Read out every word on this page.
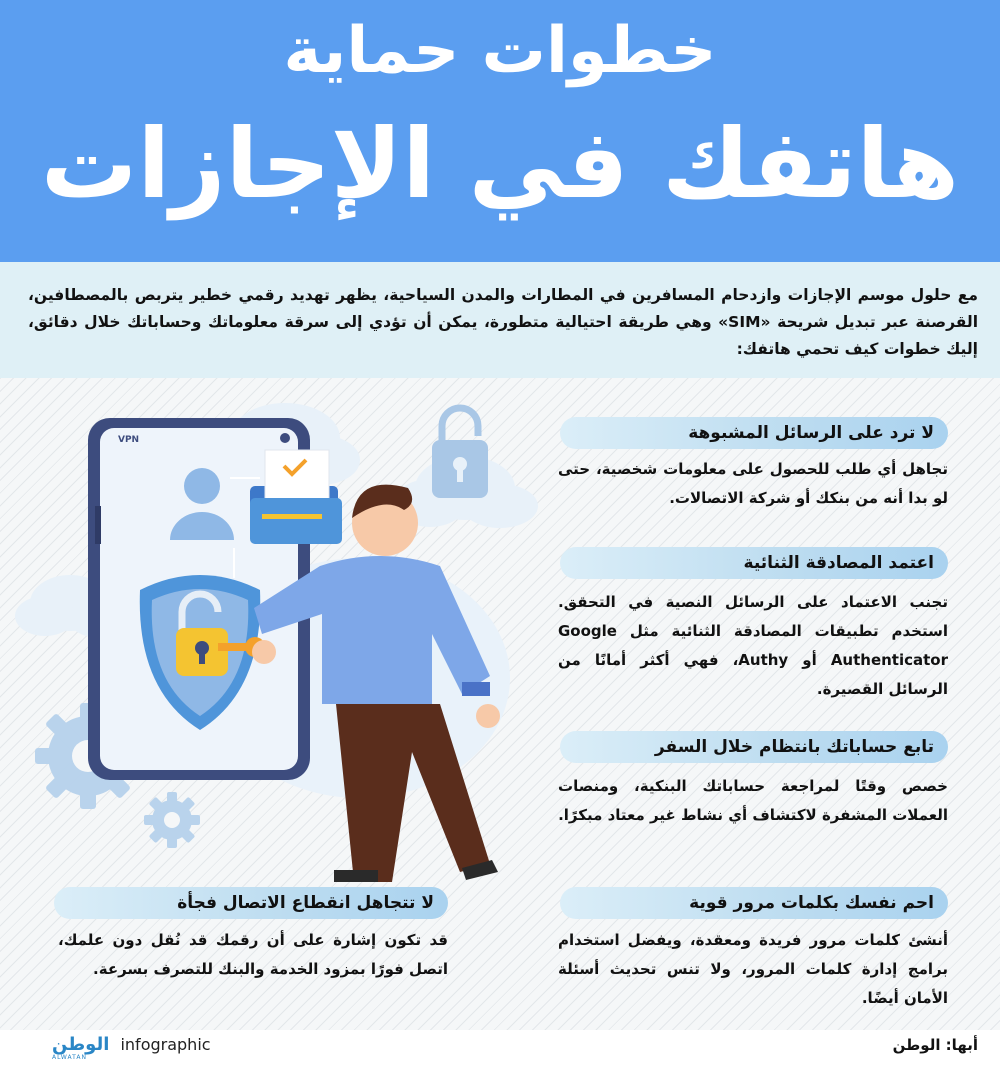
خطوات حماية
هاتفك في الإجازات

مع حلول موسم الإجازات وازدحام المسافرين في المطارات والمدن السياحية، يظهر تهديد رقمي خطير يتربص بالمصطافين، القرصنة عبر تبديل شريحة «SIM» وهي طريقة احتيالية متطورة، يمكن أن تؤدي إلى سرقة معلوماتك وحساباتك خلال دقائق، إليك خطوات كيف تحمي هاتفك:

VPN	لا ترد على الرسائل المشبوهة
تجاهل أي طلب للحصول على معلومات شخصية، حتى لو بدا أنه من بنكك أو شركة الاتصالات.
اعتمد المصادقة الثنائية
تجنب الاعتماد على الرسائل النصية في التحقق. استخدم تطبيقات المصادقة الثنائية مثل Google Authenticator أو Authy، فهي أكثر أمانًا من الرسائل القصيرة.
تابع حساباتك بانتظام خلال السفر
خصص وقتًا لمراجعة حساباتك البنكية، ومنصات العملات المشفرة لاكتشاف أي نشاط غير معتاد مبكرًا.
احم نفسك بكلمات مرور قوية
أنشئ كلمات مرور فريدة ومعقدة، ويفضل استخدام برامج إدارة كلمات المرور، ولا تنس تحديث أسئلة الأمان أيضًا.
لا تتجاهل انقطاع الاتصال فجأة
قد تكون إشارة على أن رقمك قد نُقل دون علمك، اتصل فورًا بمزود الخدمة والبنك للتصرف بسرعة.
أبها: الوطن
الوطن infographic
ALWATAN
